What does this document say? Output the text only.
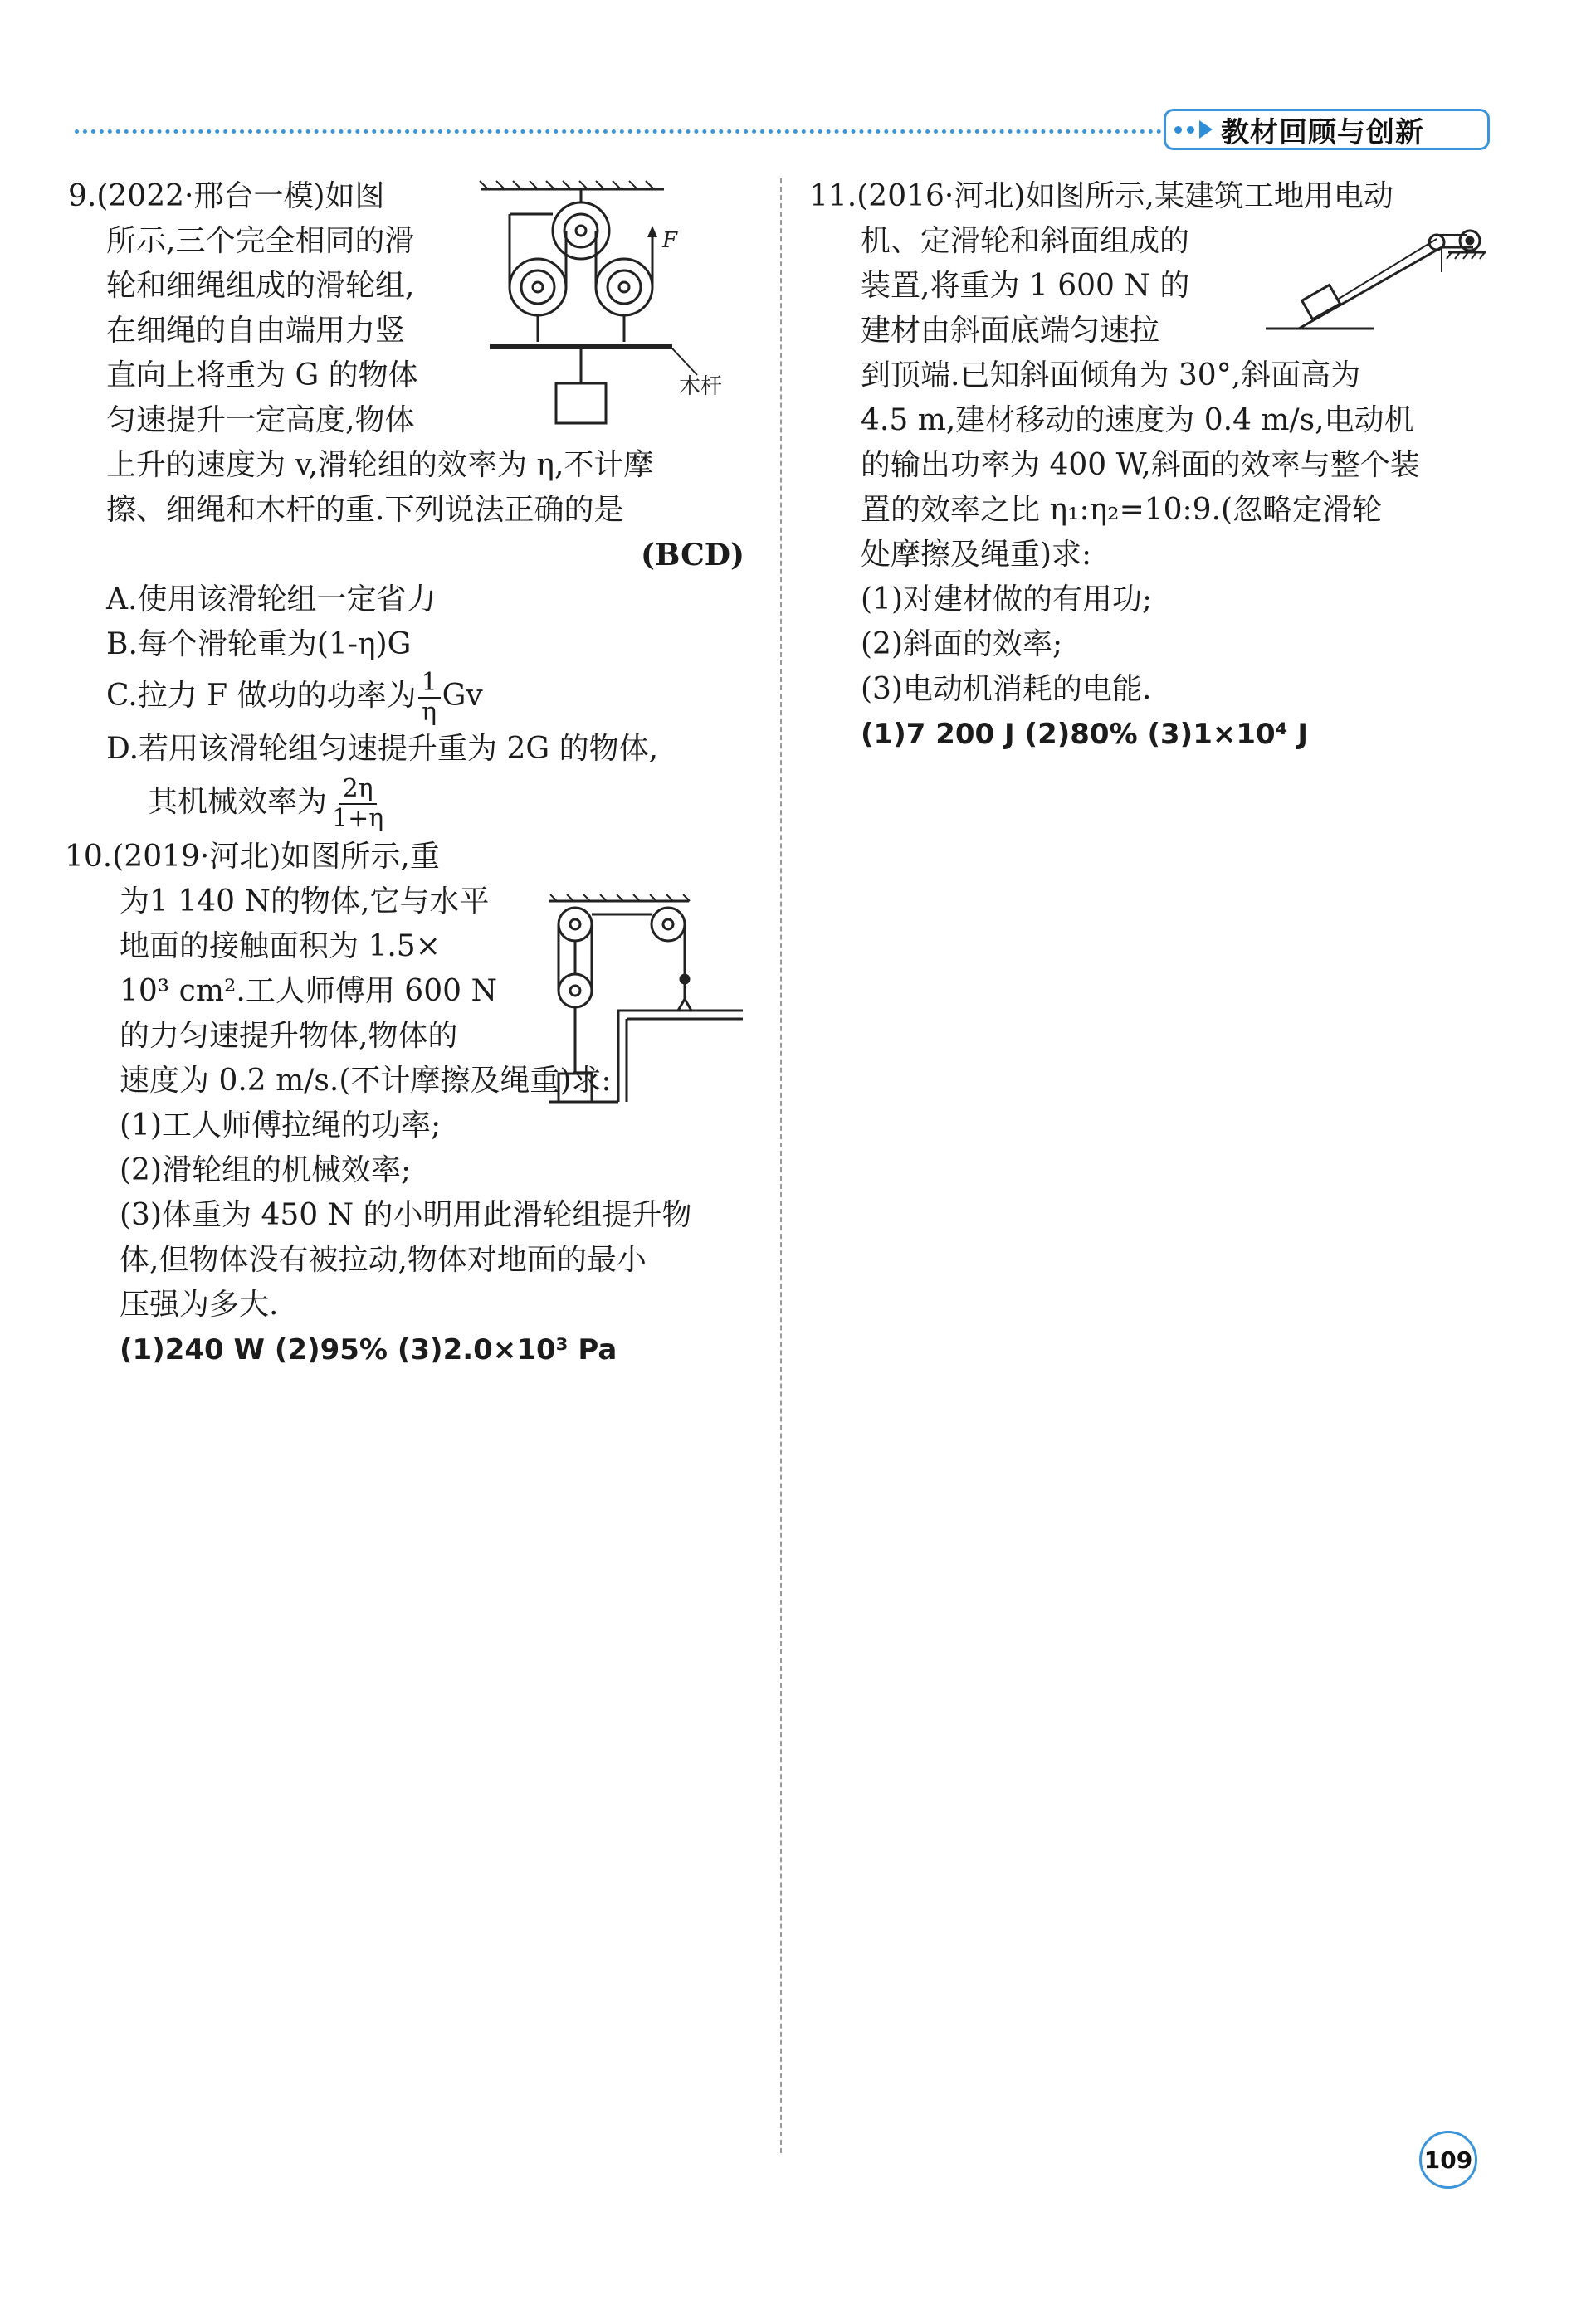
教材回顾与创新

9.(2022·邢台一模)如图

所示,三个完全相同的滑

轮和细绳组成的滑轮组,

在细绳的自由端用力竖

直向上将重为 G 的物体

匀速提升一定高度,物体

上升的速度为 v,滑轮组的效率为 η,不计摩

擦、细绳和木杆的重.下列说法正确的是

(BCD)

A.使用该滑轮组一定省力

B.每个滑轮重为(1-η)G

C.拉力 F 做功的功率为 $\frac{1}{\eta}$ Gv

D.若用该滑轮组匀速提升重为 2G 的物体,

其机械效率为 $\frac{2\eta}{1+\eta}$

10.(2019·河北)如图所示,重

为1 140 N的物体,它与水平

地面的接触面积为 1.5×

10³ cm².工人师傅用 600 N

的力匀速提升物体,物体的

速度为 0.2 m/s.(不计摩擦及绳重)求:

(1)工人师傅拉绳的功率;

(2)滑轮组的机械效率;

(3)体重为 450 N 的小明用此滑轮组提升物

体,但物体没有被拉动,物体对地面的最小

压强为多大.

(1)240 W (2)95% (3)2.0×10³ Pa

F
木杆

11.(2016·河北)如图所示,某建筑工地用电动

机、定滑轮和斜面组成的

装置,将重为 1 600 N 的

建材由斜面底端匀速拉

到顶端.已知斜面倾角为 30°,斜面高为

4.5 m,建材移动的速度为 0.4 m/s,电动机

的输出功率为 400 W,斜面的效率与整个装

置的效率之比 η₁:η₂=10:9.(忽略定滑轮

处摩擦及绳重)求:

(1)对建材做的有用功;

(2)斜面的效率;

(3)电动机消耗的电能.

(1)7 200 J (2)80% (3)1×10⁴ J

109
